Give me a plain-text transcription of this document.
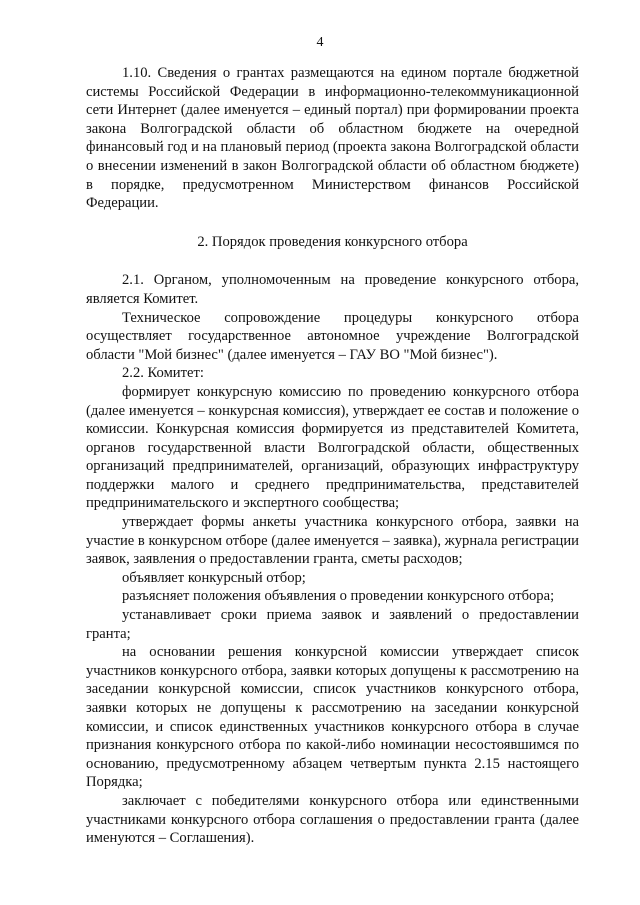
4

1.10. Сведения о грантах размещаются на едином портале бюджетной системы Российской Федерации в информационно-телекоммуникационной сети Интернет (далее именуется – единый портал) при формировании проекта закона Волгоградской области об областном бюджете на очередной финансовый год и на плановый период (проекта закона Волгоградской области о внесении изменений в закон Волгоградской области об областном бюджете) в порядке, предусмотренном Министерством финансов Российской Федерации.

2. Порядок проведения конкурсного отбора

2.1. Органом, уполномоченным на проведение конкурсного отбора, является Комитет.

Техническое сопровождение процедуры конкурсного отбора осуществляет государственное автономное учреждение Волгоградской области "Мой бизнес" (далее именуется – ГАУ ВО "Мой бизнес").

2.2. Комитет:

формирует конкурсную комиссию по проведению конкурсного отбора (далее именуется – конкурсная комиссия), утверждает ее состав и положение о комиссии. Конкурсная комиссия формируется из представителей Комитета, органов государственной власти Волгоградской области, общественных организаций предпринимателей, организаций, образующих инфраструктуру поддержки малого и среднего предпринимательства, представителей предпринимательского и экспертного сообщества;

утверждает формы анкеты участника конкурсного отбора, заявки на участие в конкурсном отборе (далее именуется – заявка), журнала регистрации заявок, заявления о предоставлении гранта, сметы расходов;

объявляет конкурсный отбор;

разъясняет положения объявления о проведении конкурсного отбора;

устанавливает сроки приема заявок и заявлений о предоставлении гранта;

на основании решения конкурсной комиссии утверждает список участников конкурсного отбора, заявки которых допущены к рассмотрению на заседании конкурсной комиссии, список участников конкурсного отбора, заявки которых не допущены к рассмотрению на заседании конкурсной комиссии, и список единственных участников конкурсного отбора в случае признания конкурсного отбора по какой-либо номинации несостоявшимся по основанию, предусмотренному абзацем четвертым пункта 2.15 настоящего Порядка;

заключает с победителями конкурсного отбора или единственными участниками конкурсного отбора соглашения о предоставлении гранта (далее именуются – Соглашения).
